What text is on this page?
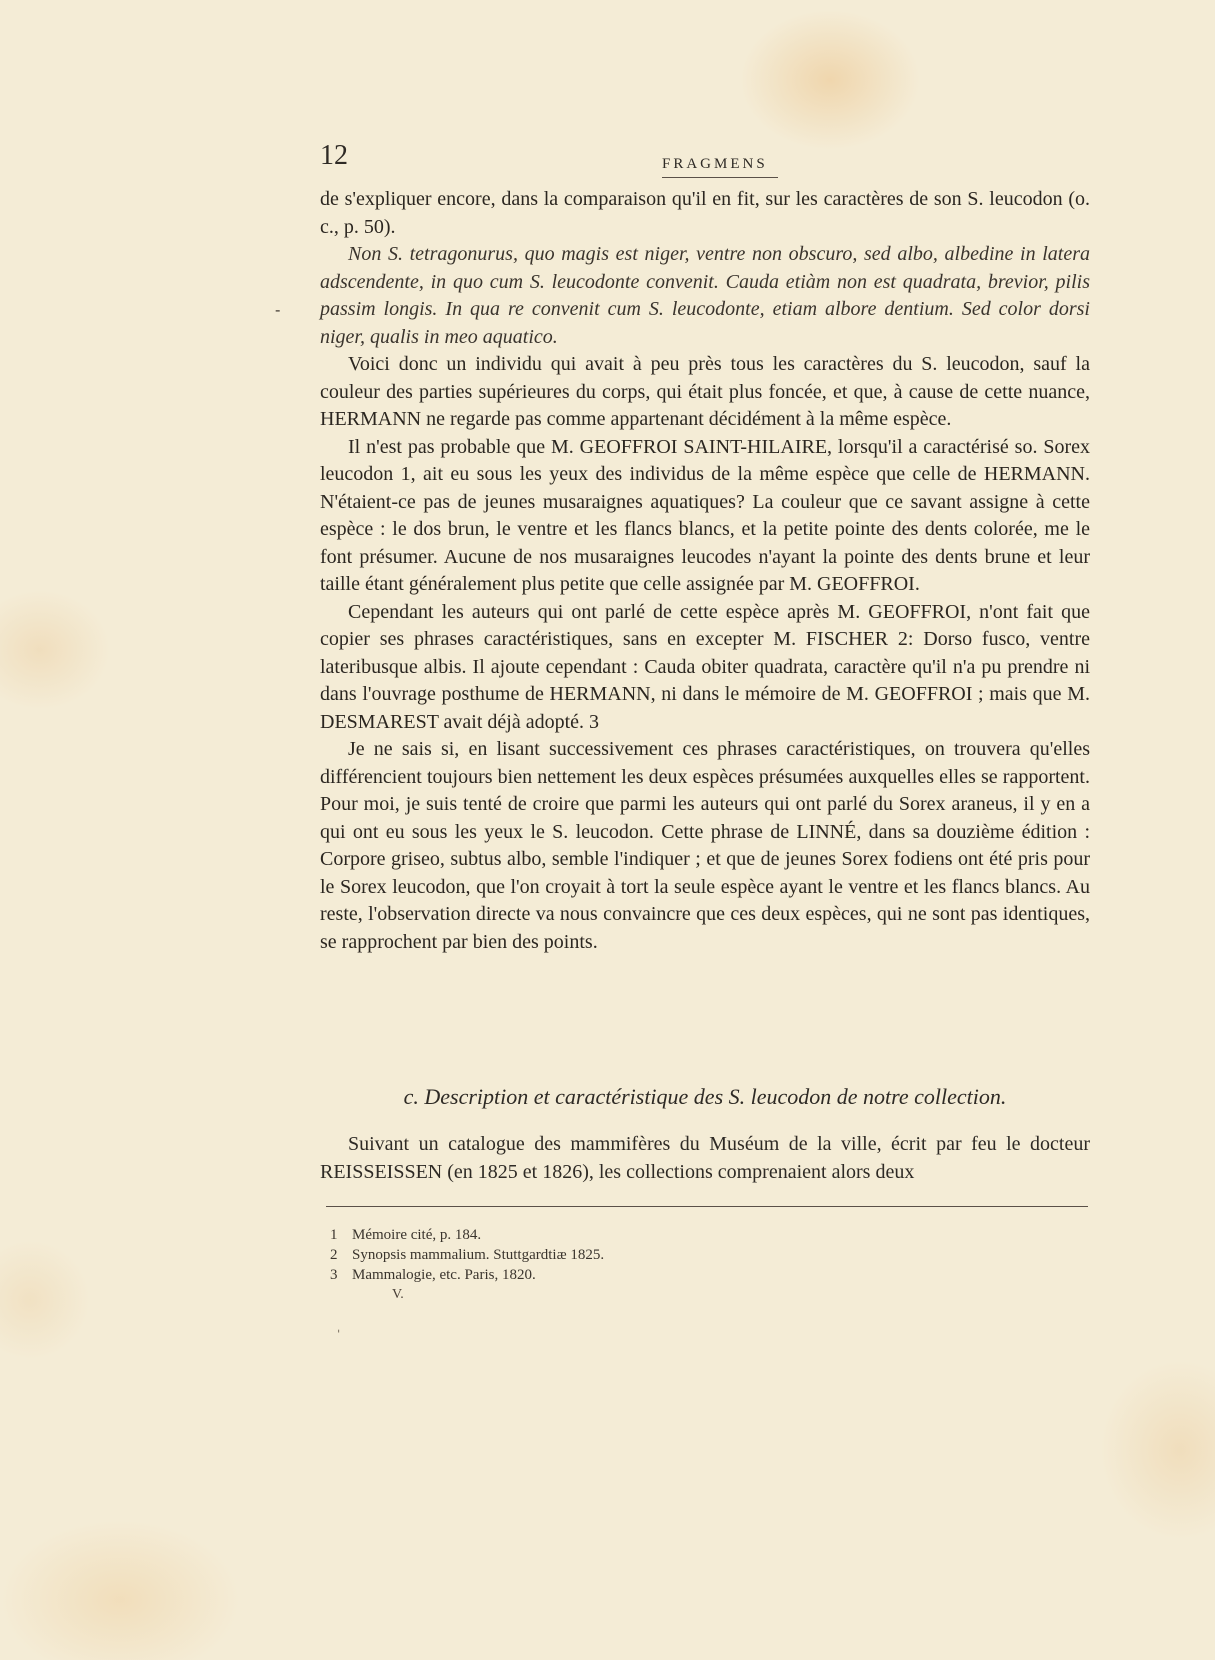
12	FRAGMENS
-

de s'expliquer encore, dans la comparaison qu'il en fit, sur les caractères de son S. leucodon (o. c., p. 50).

Non S. tetragonurus, quo magis est niger, ventre non obscuro, sed albo, albedine in latera adscendente, in quo cum S. leucodonte convenit. Cauda etiàm non est quadrata, brevior, pilis passim longis. In qua re convenit cum S. leucodonte, etiam albore dentium. Sed color dorsi niger, qualis in meo aquatico.

Voici donc un individu qui avait à peu près tous les caractères du S. leucodon, sauf la couleur des parties supérieures du corps, qui était plus foncée, et que, à cause de cette nuance, HERMANN ne regarde pas comme appartenant décidément à la même espèce.

Il n'est pas probable que M. GEOFFROI SAINT-HILAIRE, lorsqu'il a caractérisé so. Sorex leucodon 1, ait eu sous les yeux des individus de la même espèce que celle de HERMANN. N'étaient-ce pas de jeunes musaraignes aquatiques? La couleur que ce savant assigne à cette espèce : le dos brun, le ventre et les flancs blancs, et la petite pointe des dents colorée, me le font présumer. Aucune de nos musaraignes leucodes n'ayant la pointe des dents brune et leur taille étant généralement plus petite que celle assignée par M. GEOFFROI.

Cependant les auteurs qui ont parlé de cette espèce après M. GEOFFROI, n'ont fait que copier ses phrases caractéristiques, sans en excepter M. FISCHER 2: Dorso fusco, ventre lateribusque albis. Il ajoute cependant : Cauda obiter quadrata, caractère qu'il n'a pu prendre ni dans l'ouvrage posthume de HERMANN, ni dans le mémoire de M. GEOFFROI ; mais que M. DESMAREST avait déjà adopté. 3

Je ne sais si, en lisant successivement ces phrases caractéristiques, on trouvera qu'elles différencient toujours bien nettement les deux espèces présumées auxquelles elles se rapportent. Pour moi, je suis tenté de croire que parmi les auteurs qui ont parlé du Sorex araneus, il y en a qui ont eu sous les yeux le S. leucodon. Cette phrase de LINNÉ, dans sa douzième édition : Corpore griseo, subtus albo, semble l'indiquer ; et que de jeunes Sorex fodiens ont été pris pour le Sorex leucodon, que l'on croyait à tort la seule espèce ayant le ventre et les flancs blancs. Au reste, l'observation directe va nous convaincre que ces deux espèces, qui ne sont pas identiques, se rapprochent par bien des points.

c. Description et caractéristique des S. leucodon de notre collection.

Suivant un catalogue des mammifères du Muséum de la ville, écrit par feu le docteur REISSEISSEN (en 1825 et 1826), les collections comprenaient alors deux

1 Mémoire cité, p. 184.
2 Synopsis mammalium. Stuttgardtiæ 1825.
3 Mammalogie, etc. Paris, 1820.
V.
ˌ
